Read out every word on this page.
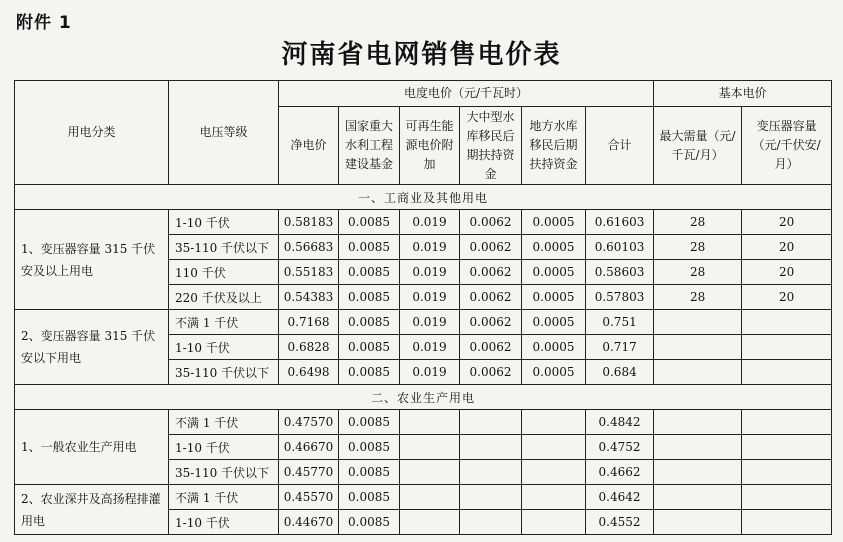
附件 1
河南省电网销售电价表
用电分类	电压等级	电度电价（元/千瓦时）						基本电价	
		净电价	国家重大水利工程建设基金	可再生能源电价附加	大中型水库移民后期扶持资金	地方水库移民后期扶持资金	合计	最大需量（元/千瓦/月）	变压器容量（元/千伏安/月）
一、工商业及其他用电									
1、变压器容量 315 千伏安及以上用电	1-10 千伏	0.58183	0.0085	0.019	0.0062	0.0005	0.61603	28	20
	35-110 千伏以下	0.56683	0.0085	0.019	0.0062	0.0005	0.60103	28	20
	110 千伏	0.55183	0.0085	0.019	0.0062	0.0005	0.58603	28	20
	220 千伏及以上	0.54383	0.0085	0.019	0.0062	0.0005	0.57803	28	20
2、变压器容量 315 千伏安以下用电	不满 1 千伏	0.7168	0.0085	0.019	0.0062	0.0005	0.751		
	1-10 千伏	0.6828	0.0085	0.019	0.0062	0.0005	0.717		
	35-110 千伏以下	0.6498	0.0085	0.019	0.0062	0.0005	0.684		
二、农业生产用电									
1、一般农业生产用电	不满 1 千伏	0.47570	0.0085				0.4842		
	1-10 千伏	0.46670	0.0085				0.4752		
	35-110 千伏以下	0.45770	0.0085				0.4662		
2、农业深井及高扬程排灌用电	不满 1 千伏	0.45570	0.0085				0.4642		
	1-10 千伏	0.44670	0.0085				0.4552		
